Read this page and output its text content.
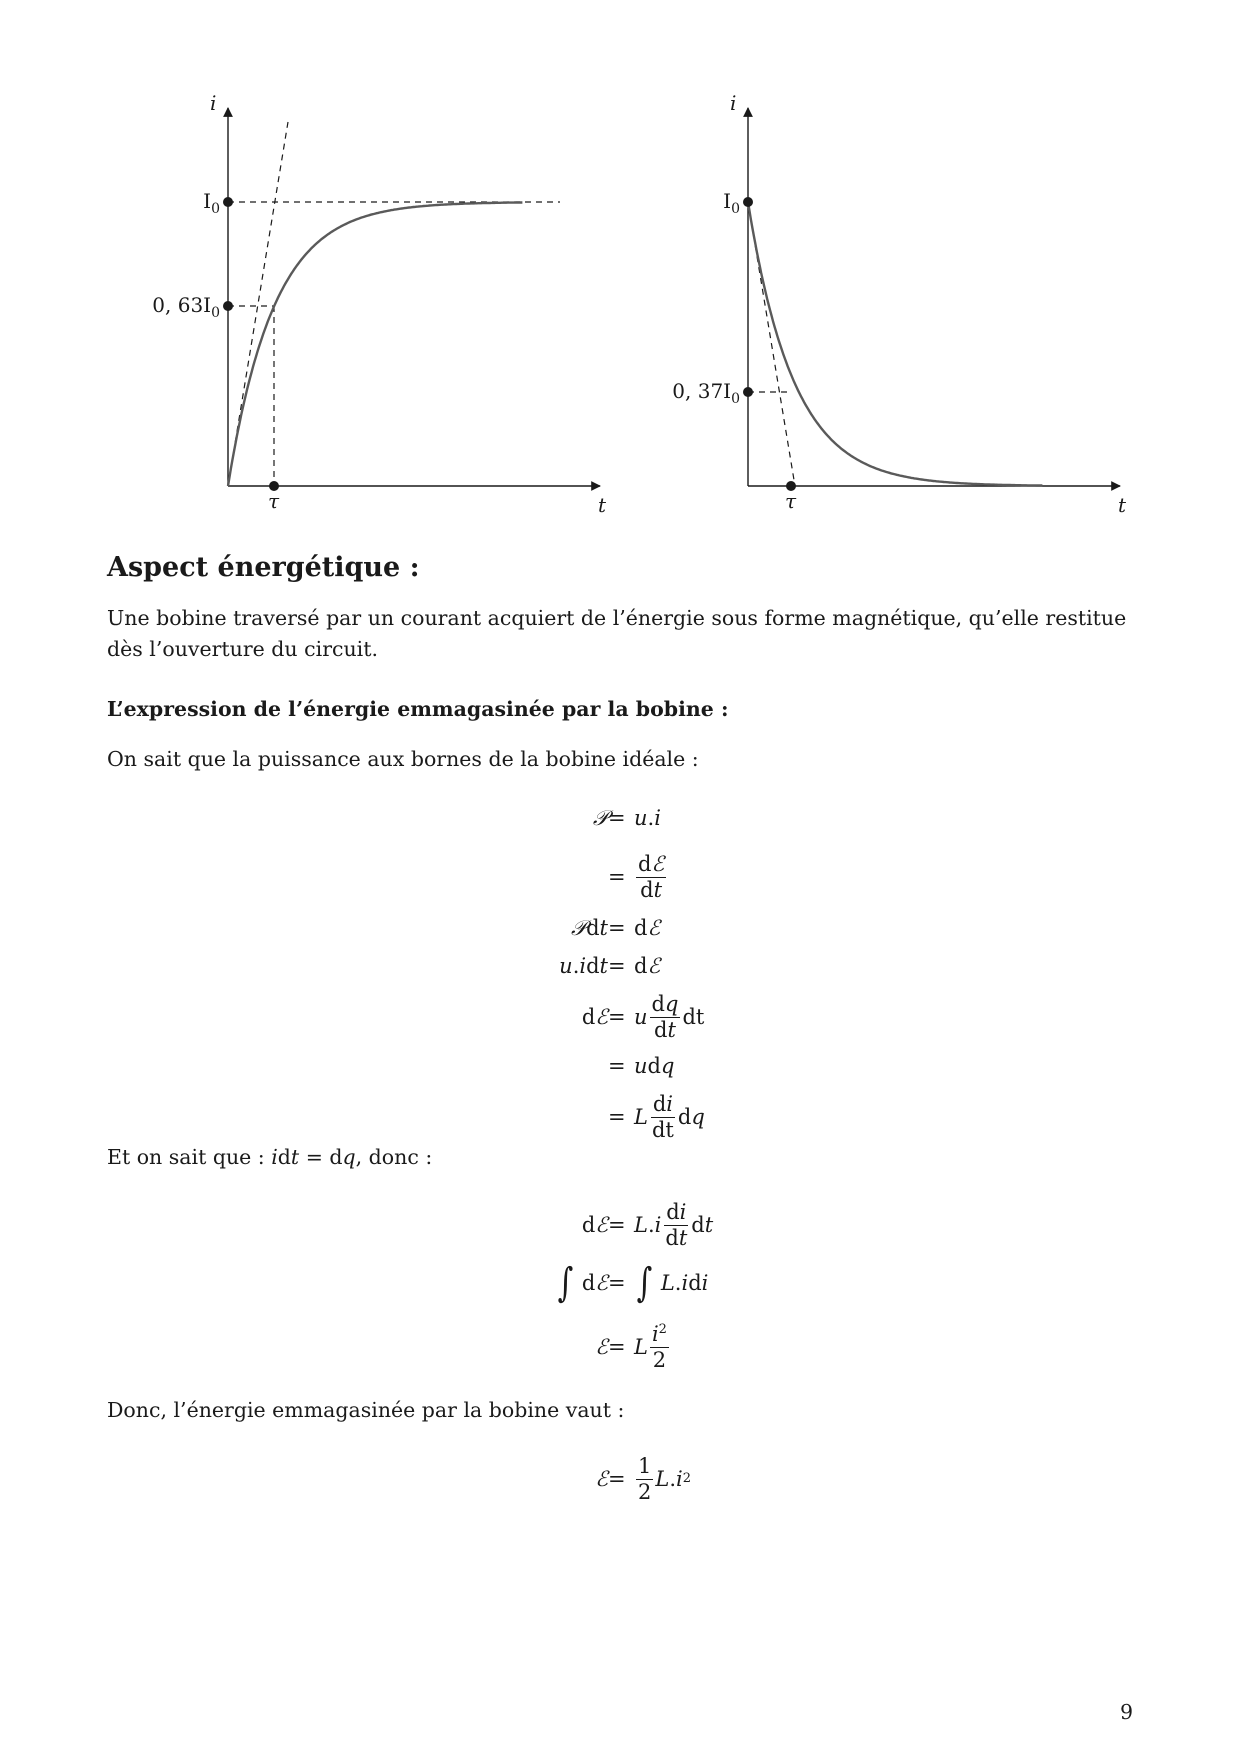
i
t
τ
$I_0$
0, $63I_0$
i
t
τ
$I_0$
0, $37I_0$
Aspect énergétique :

Une bobine traversé par un courant acquiert de l’énergie sous forme magnétique, qu’elle restitue dès l’ouverture du circuit.

L’expression de l’énergie emmagasinée par la bobine :

On sait que la puissance aux bornes de la bobine idéale :

𝒫 = u . i
= $\frac{\text{dℰ}}{dt}$
𝒫 d t = d ℰ
u . i d t = d ℰ
d ℰ = u $\frac{dq}{dt}$ d t
= u d q
= L $\frac{di}{dt}$ d q

Et on sait que : idt = dq, donc :

d ℰ = L . i $\frac{di}{dt}$ d t
∫ d ℰ = ∫ L . i d i
ℰ = L $\frac{i^2}{2}$

Donc, l’énergie emmagasinée par la bobine vaut :

ℰ = $\frac{1}{2}$ L . i 2

9
